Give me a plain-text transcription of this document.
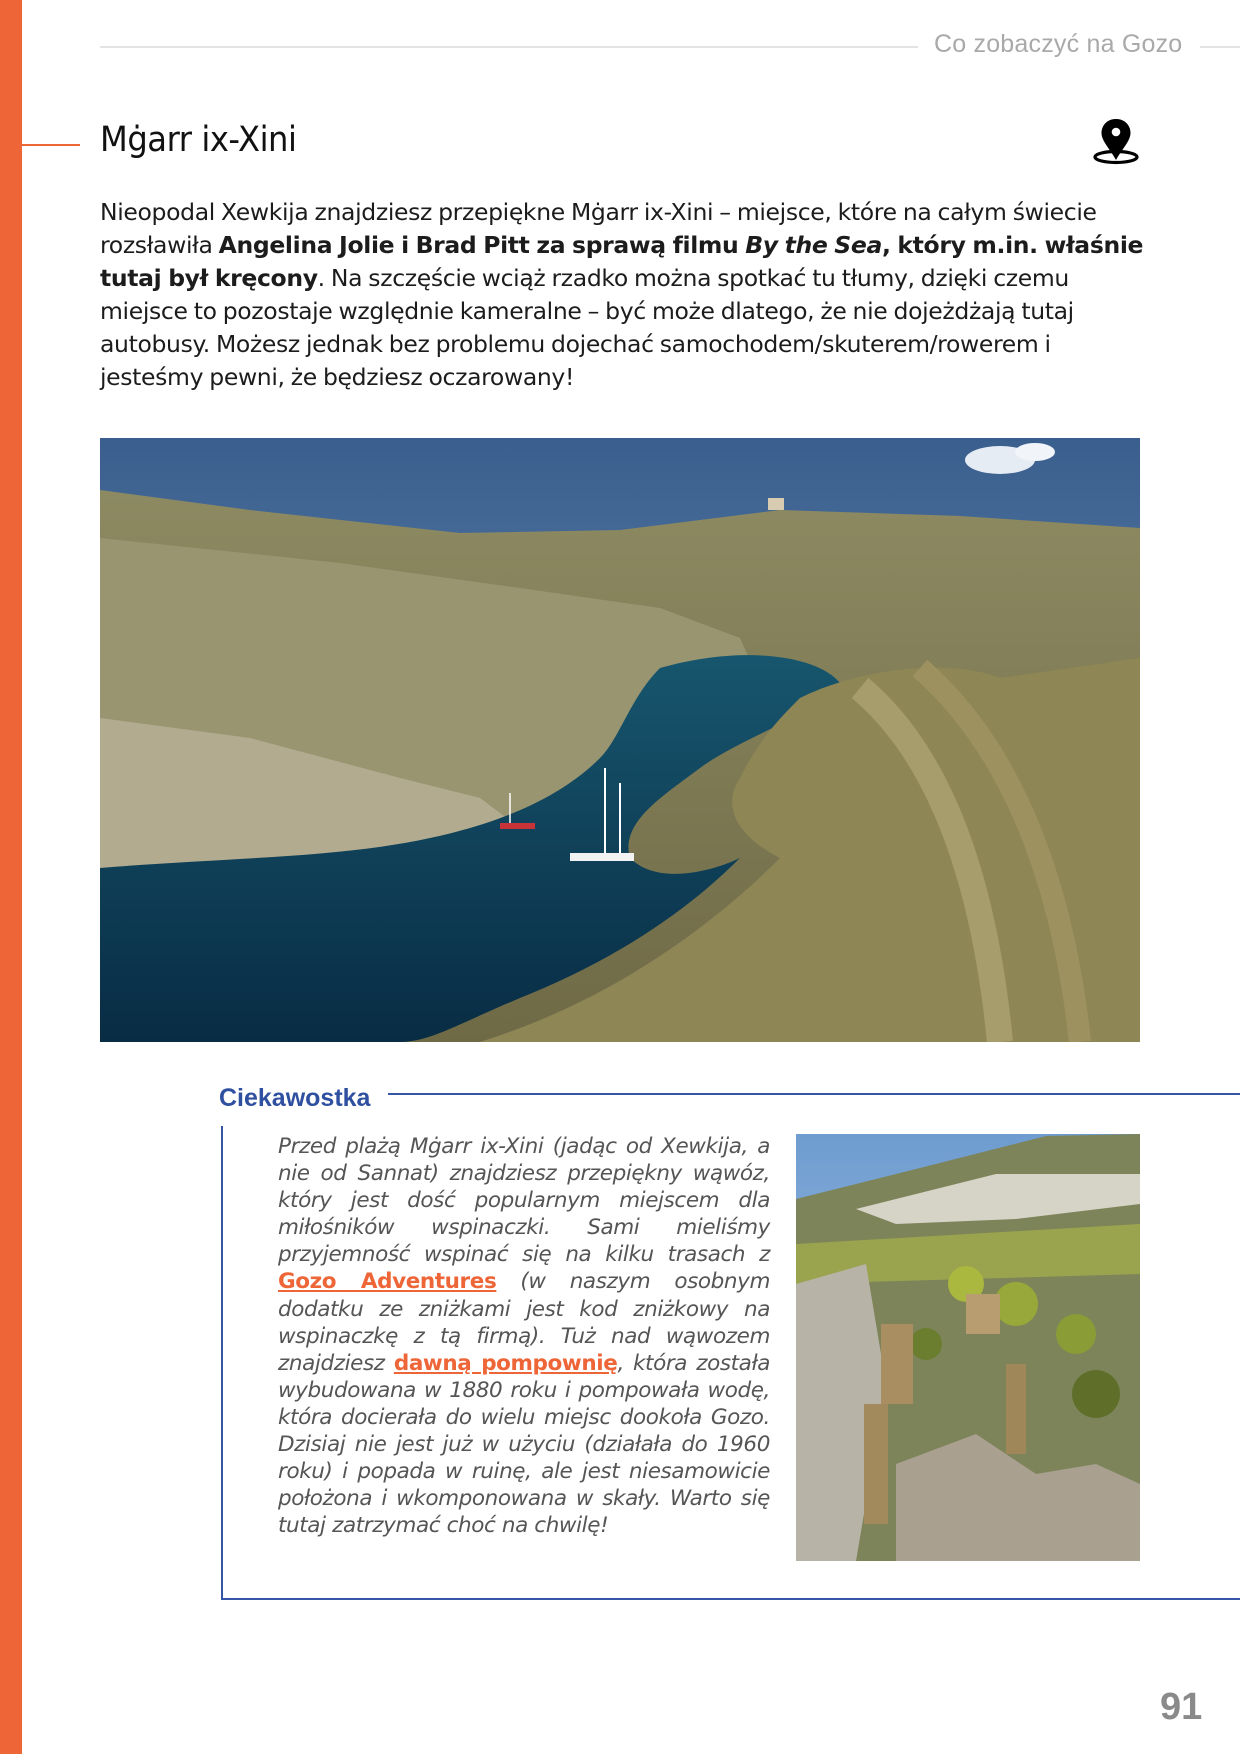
Co zobaczyć na Gozo
Mġarr ix-Xini

Nieopodal Xewkija znajdziesz przepiękne Mġarr ix-Xini – miejsce, które na całym świecie rozsławiła Angelina Jolie i Brad Pitt za sprawą filmu By the Sea, który m.in. właśnie tutaj był kręcony. Na szczęście wciąż rzadko można spotkać tu tłumy, dzięki czemu miejsce to pozostaje względnie kameralne – być może dlatego, że nie dojeżdżają tutaj autobusy. Możesz jednak bez problemu dojechać samochodem/skuterem/rowerem i jesteśmy pewni, że będziesz oczarowany!

Ciekawostka

Przed plażą Mġarr ix-Xini (jadąc od Xewkija, a nie od Sannat) znajdziesz przepiękny wąwóz, który jest dość popularnym miejscem dla miłośników wspinaczki. Sami mieliśmy przyjemność wspinać się na kilku trasach z Gozo Adventures (w naszym osobnym dodatku ze zniżkami jest kod zniżkowy na wspinaczkę z tą firmą). Tuż nad wąwozem znajdziesz dawną pompownię, która została wybudowana w 1880 roku i pompowała wodę, która docierała do wielu miejsc dookoła Gozo. Dzisiaj nie jest już w użyciu (działała do 1960 roku) i popada w ruinę, ale jest niesamowicie położona i wkomponowana w skały. Warto się tutaj zatrzymać choć na chwilę!

91
